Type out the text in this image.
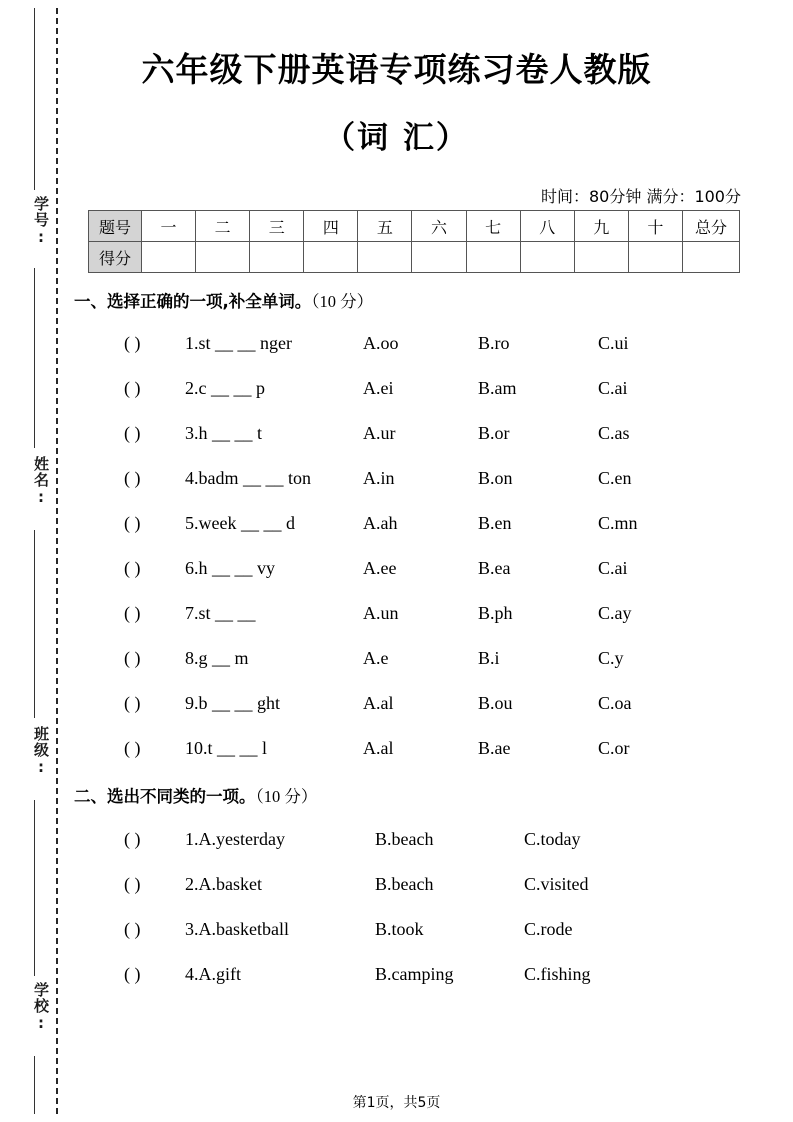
学号:
姓名:
班级:
学校:
六年级下册英语专项练习卷人教版
（词 汇）
时间：80分钟 满分：100分
题号	一	二	三	四	五	六	七	八	九	十	总分
得分											
一、选择正确的一项,补全单词。（10 分）
( )	1.st __ __ nger	A.oo	B.ro	C.ui
( )	2.c __ __ p	A.ei	B.am	C.ai
( )	3.h __ __ t	A.ur	B.or	C.as
( )	4.badm __ __ ton	A.in	B.on	C.en
( )	5.week __ __ d	A.ah	B.en	C.mn
( )	6.h __ __ vy	A.ee	B.ea	C.ai
( )	7.st __ __	A.un	B.ph	C.ay
( )	8.g __ m	A.e	B.i	C.y
( )	9.b __ __ ght	A.al	B.ou	C.oa
( )	10.t __ __ l	A.al	B.ae	C.or
二、选出不同类的一项。（10 分）
( )	1.A.yesterday	B.beach	C.today
( )	2.A.basket	B.beach	C.visited
( )	3.A.basketball	B.took	C.rode
( )	4.A.gift	B.camping	C.fishing
第1页，共5页
